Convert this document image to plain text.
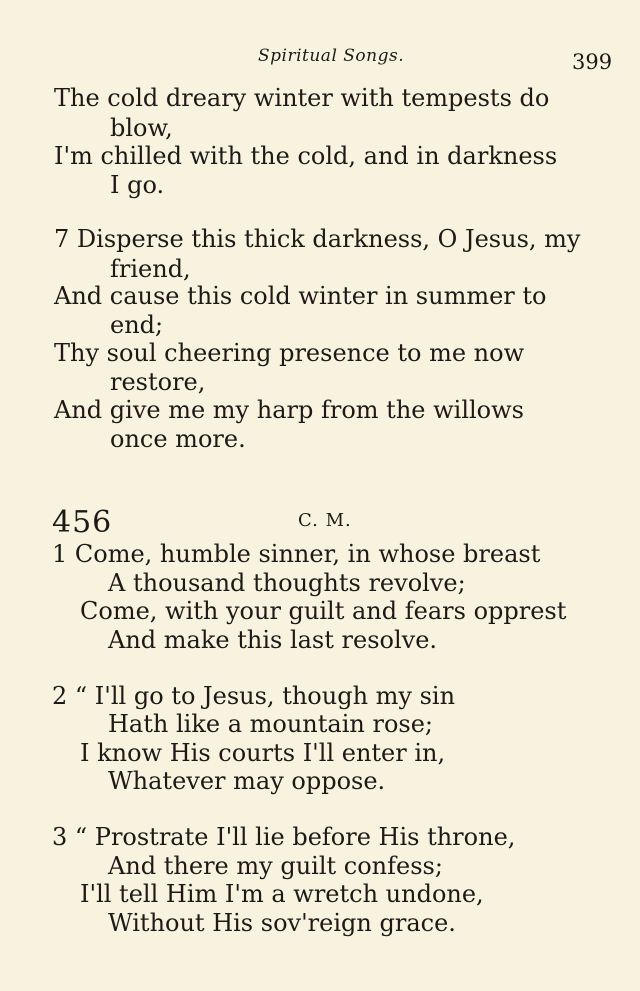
Spiritual Songs.	399
The cold dreary winter with tempests do
blow,
I'm chilled with the cold, and in darkness
I go.
7 Disperse this thick darkness, O Jesus, my
friend,
And cause this cold winter in summer to
end;
Thy soul cheering presence to me now
restore,
And give me my harp from the willows
once more.
456	C. M.
1 Come, humble sinner, in whose breast
A thousand thoughts revolve;
Come, with your guilt and fears opprest
And make this last resolve.
2 “ I'll go to Jesus, though my sin
Hath like a mountain rose;
I know His courts I'll enter in,
Whatever may oppose.
3 “ Prostrate I'll lie before His throne,
And there my guilt confess;
I'll tell Him I'm a wretch undone,
Without His sov'reign grace.
